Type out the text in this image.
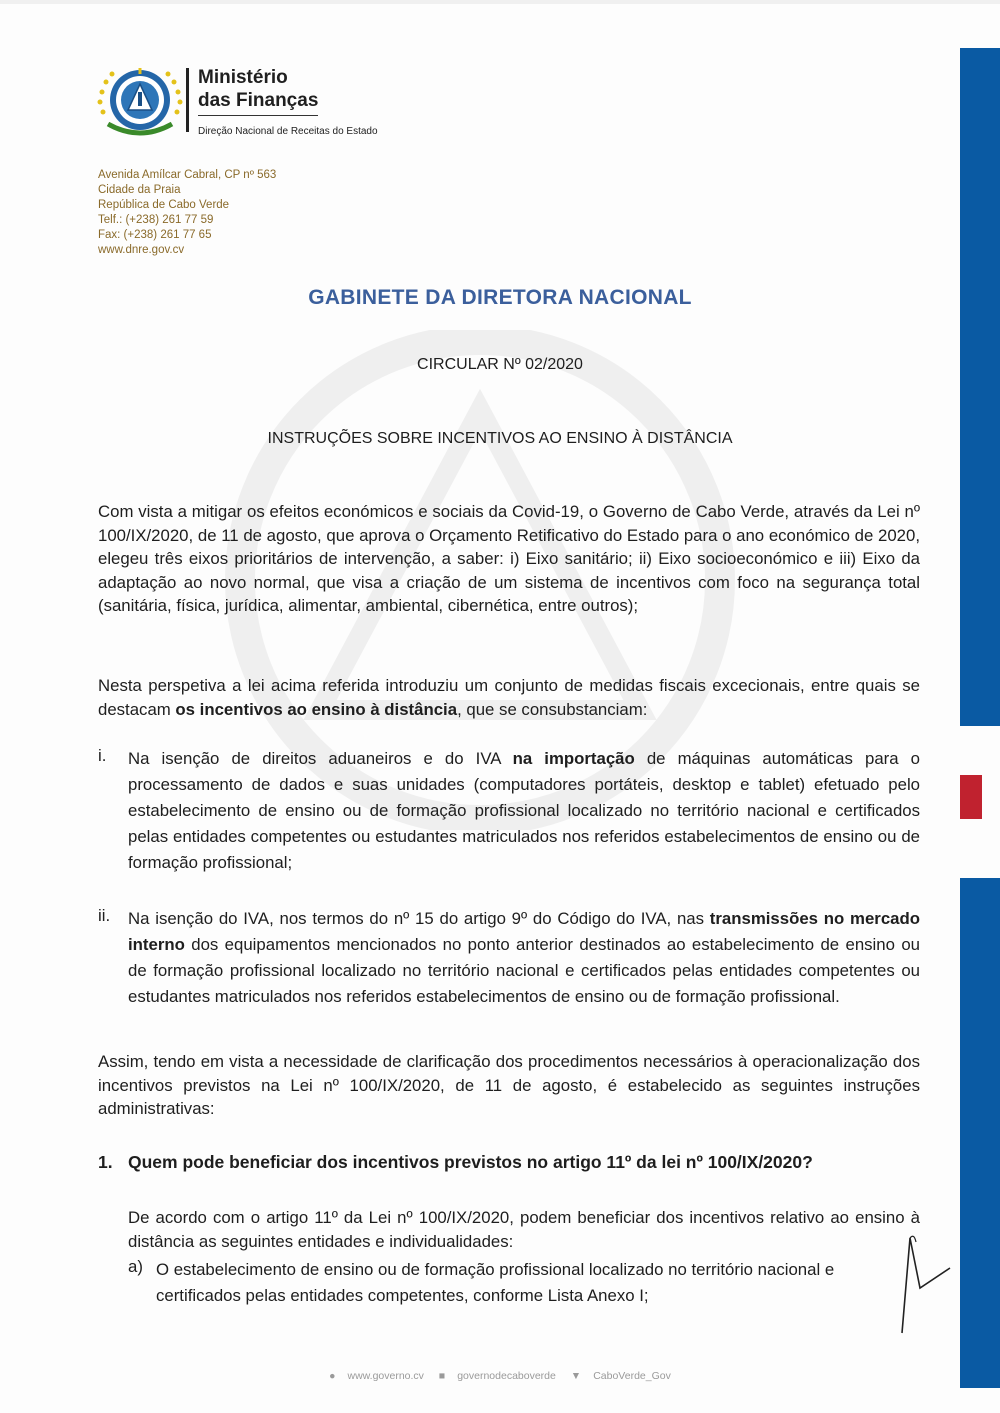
Ministério
das Finanças
Direção Nacional de Receitas do Estado
Avenida Amílcar Cabral, CP nº 563
Cidade da Praia
República de Cabo Verde
Telf.: (+238) 261 77 59
Fax: (+238) 261 77 65
www.dnre.gov.cv
GABINETE DA DIRETORA NACIONAL
CIRCULAR Nº 02/2020
INSTRUÇÕES SOBRE INCENTIVOS AO ENSINO À DISTÂNCIA
Com vista a mitigar os efeitos económicos e sociais da Covid-19, o Governo de Cabo Verde, através da Lei nº 100/IX/2020, de 11 de agosto, que aprova o Orçamento Retificativo do Estado para o ano económico de 2020, elegeu três eixos prioritários de intervenção, a saber: i) Eixo sanitário; ii) Eixo socioeconómico e iii) Eixo da adaptação ao novo normal, que visa a criação de um sistema de incentivos com foco na segurança total (sanitária, física, jurídica, alimentar, ambiental, cibernética, entre outros);
Nesta perspetiva a lei acima referida introduziu um conjunto de medidas fiscais excecionais, entre quais se destacam os incentivos ao ensino à distância, que se consubstanciam:
i. Na isenção de direitos aduaneiros e do IVA na importação de máquinas automáticas para o processamento de dados e suas unidades (computadores portáteis, desktop e tablet) efetuado pelo estabelecimento de ensino ou de formação profissional localizado no território nacional e certificados pelas entidades competentes ou estudantes matriculados nos referidos estabelecimentos de ensino ou de formação profissional;
ii. Na isenção do IVA, nos termos do nº 15 do artigo 9º do Código do IVA, nas transmissões no mercado interno dos equipamentos mencionados no ponto anterior destinados ao estabelecimento de ensino ou de formação profissional localizado no território nacional e certificados pelas entidades competentes ou estudantes matriculados nos referidos estabelecimentos de ensino ou de formação profissional.
Assim, tendo em vista a necessidade de clarificação dos procedimentos necessários à operacionalização dos incentivos previstos na Lei nº 100/IX/2020, de 11 de agosto, é estabelecido as seguintes instruções administrativas:
1. Quem pode beneficiar dos incentivos previstos no artigo 11º da lei nº 100/IX/2020?
De acordo com o artigo 11º da Lei nº 100/IX/2020, podem beneficiar dos incentivos relativo ao ensino à distância as seguintes entidades e individualidades:
a) O estabelecimento de ensino ou de formação profissional localizado no território nacional e certificados pelas entidades competentes, conforme Lista Anexo I;
● www.governo.cv ■ governodecaboverde ▼ CaboVerde_Gov
